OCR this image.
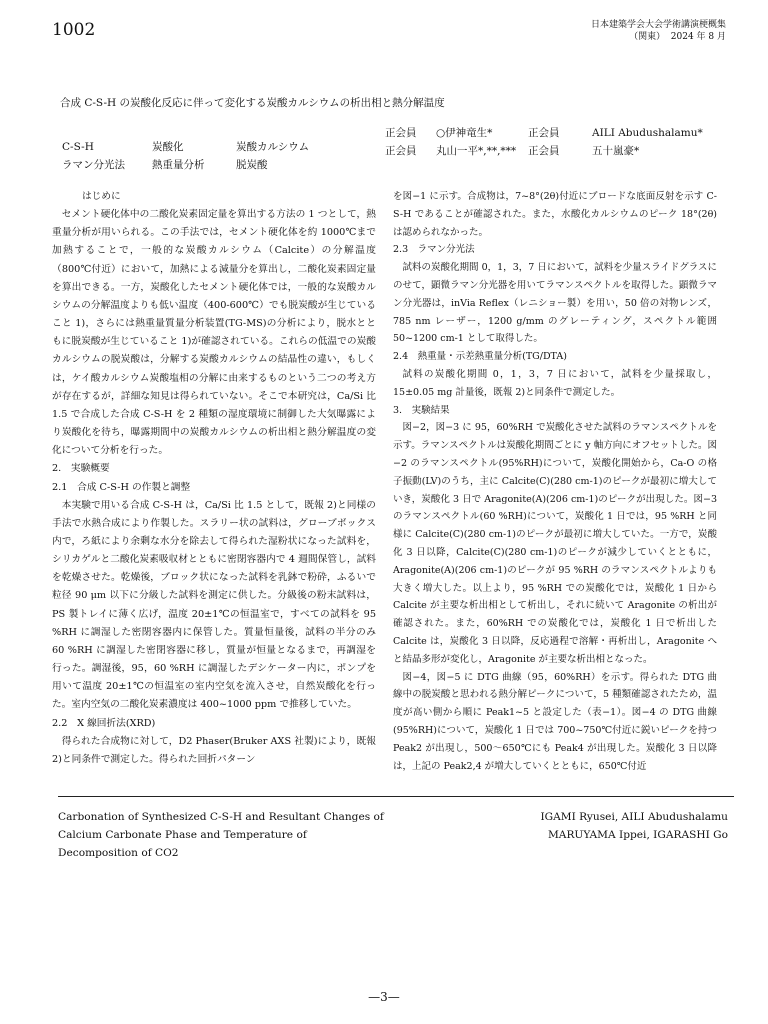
1002	日本建築学会大会学術講演梗概集
（関東）  2024 年 8 月
合成 C-S-H の炭酸化反応に伴って変化する炭酸カルシウムの析出相と熱分解温度
C-S-H	炭酸化	炭酸カルシウム
ラマン分光法	熱重量分析	脱炭酸
正会員 ○伊神竜生*	正会員	AILI Abudushalamu*
正会員 丸山一平*,**,*** 正会員	五十嵐豪*

はじめに

セメント硬化体中の二酸化炭素固定量を算出する方法の 1 つとして，熱重量分析が用いられる。この手法では，セメント硬化体を約 1000℃まで加熱することで，一般的な炭酸カルシウム（Calcite）の分解温度（800℃付近）において，加熱による減量分を算出し，二酸化炭素固定量を算出できる。一方，炭酸化したセメント硬化体では，一般的な炭酸カルシウムの分解温度よりも低い温度（400-600℃）でも脱炭酸が生じていること 1)，さらには熱重量質量分析装置(TG-MS)の分析により，脱水とともに脱炭酸が生じていること 1)が確認されている。これらの低温での炭酸カルシウムの脱炭酸は，分解する炭酸カルシウムの結晶性の違い，もしくは，ケイ酸カルシウム炭酸塩相の分解に由来するものという二つの考え方が存在するが，詳細な知見は得られていない。そこで本研究は，Ca/Si 比 1.5 で合成した合成 C-S-H を 2 種類の湿度環境に制御した大気曝露により炭酸化を待ち，曝露期間中の炭酸カルシウムの析出相と熱分解温度の変化について分析を行った。

2.　実験概要

2.1　合成 C-S-H の作製と調整

本実験で用いる合成 C-S-H は，Ca/Si 比 1.5 として，既報 2)と同様の手法で水熱合成により作製した。スラリー状の試料は，グローブボックス内で，ろ紙により余剰な水分を除去して得られた湿粉状になった試料を，シリカゲルと二酸化炭素吸収材とともに密閉容器内で 4 週間保管し，試料を乾燥させた。乾燥後，ブロック状になった試料を乳鉢で粉砕，ふるいで粒径 90 μm 以下に分級した試料を測定に供した。分級後の粉末試料は，PS 製トレイに薄く広げ，温度 20±1℃の恒温室で，すべての試料を 95 %RH に調湿した密閉容器内に保管した。質量恒量後，試料の半分のみ 60 %RH に調湿した密閉容器に移し，質量が恒量となるまで，再調湿を行った。調湿後，95，60 %RH に調湿したデシケーター内に，ポンプを用いて温度 20±1℃の恒温室の室内空気を流入させ，自然炭酸化を行った。室内空気の二酸化炭素濃度は 400~1000 ppm で推移していた。

2.2　X 線回折法(XRD)

得られた合成物に対して，D2 Phaser(Bruker AXS 社製)により，既報 2)と同条件で測定した。得られた回折パターン

を図−1 に示す。合成物は，7~8°(2θ)付近にブロードな底面反射を示す C-S-H であることが確認された。また，水酸化カルシウムのピーク 18°(2θ)は認められなかった。

2.3　ラマン分光法

試料の炭酸化期間 0，1，3，7 日において，試料を少量スライドグラスにのせて，顕微ラマン分光器を用いてラマンスペクトルを取得した。顕微ラマン分光器は，inVia Reflex（レニショー製）を用い，50 倍の対物レンズ，785 nm レーザー，1200 g/mm のグレーティング，スペクトル範囲 50~1200 cm-1 として取得した。

2.4　熱重量・示差熱重量分析(TG/DTA)

試料の炭酸化期間 0，1，3，7 日において，試料を少量採取し，15±0.05 mg 計量後，既報 2)と同条件で測定した。

3.　実験結果

図−2，図−3 に 95，60%RH で炭酸化させた試料のラマンスペクトルを示す。ラマンスペクトルは炭酸化期間ごとに y 軸方向にオフセットした。図−2 のラマンスペクトル(95%RH)について，炭酸化開始から，Ca-O の格子振動(LV)のうち，主に Calcite(C)(280 cm-1)のピークが最初に増大していき，炭酸化 3 日で Aragonite(A)(206 cm-1)のピークが出現した。図−3 のラマンスペクトル(60 %RH)について，炭酸化 1 日では，95 %RH と同様に Calcite(C)(280 cm-1)のピークが最初に増大していた。一方で，炭酸化 3 日以降，Calcite(C)(280 cm-1)のピークが減少していくとともに，Aragonite(A)(206 cm-1)のピークが 95 %RH のラマンスペクトルよりも大きく増大した。以上より，95 %RH での炭酸化では，炭酸化 1 日から Calcite が主要な析出相として析出し，それに続いて Aragonite の析出が確認された。また，60%RH での炭酸化では，炭酸化 1 日で析出した Calcite は，炭酸化 3 日以降，反応過程で溶解・再析出し，Aragonite へと結晶多形が変化し，Aragonite が主要な析出相となった。

図−4，図−5 に DTG 曲線（95，60%RH）を示す。得られた DTG 曲線中の脱炭酸と思われる熱分解ピークについて，5 種類確認されたため，温度が高い側から順に Peak1~5 と設定した（表−1）。図−4 の DTG 曲線(95%RH)について，炭酸化 1 日では 700~750℃付近に鋭いピークを持つ Peak2 が出現し，500～650℃にも Peak4 が出現した。炭酸化 3 日以降は，上記の Peak2,4 が増大していくとともに，650℃付近

Carbonation of Synthesized C-S-H and Resultant Changes of Calcium Carbonate Phase and Temperature of Decomposition of CO2
IGAMI Ryusei, AILI Abudushalamu
MARUYAMA Ippei, IGARASHI Go
—3—
